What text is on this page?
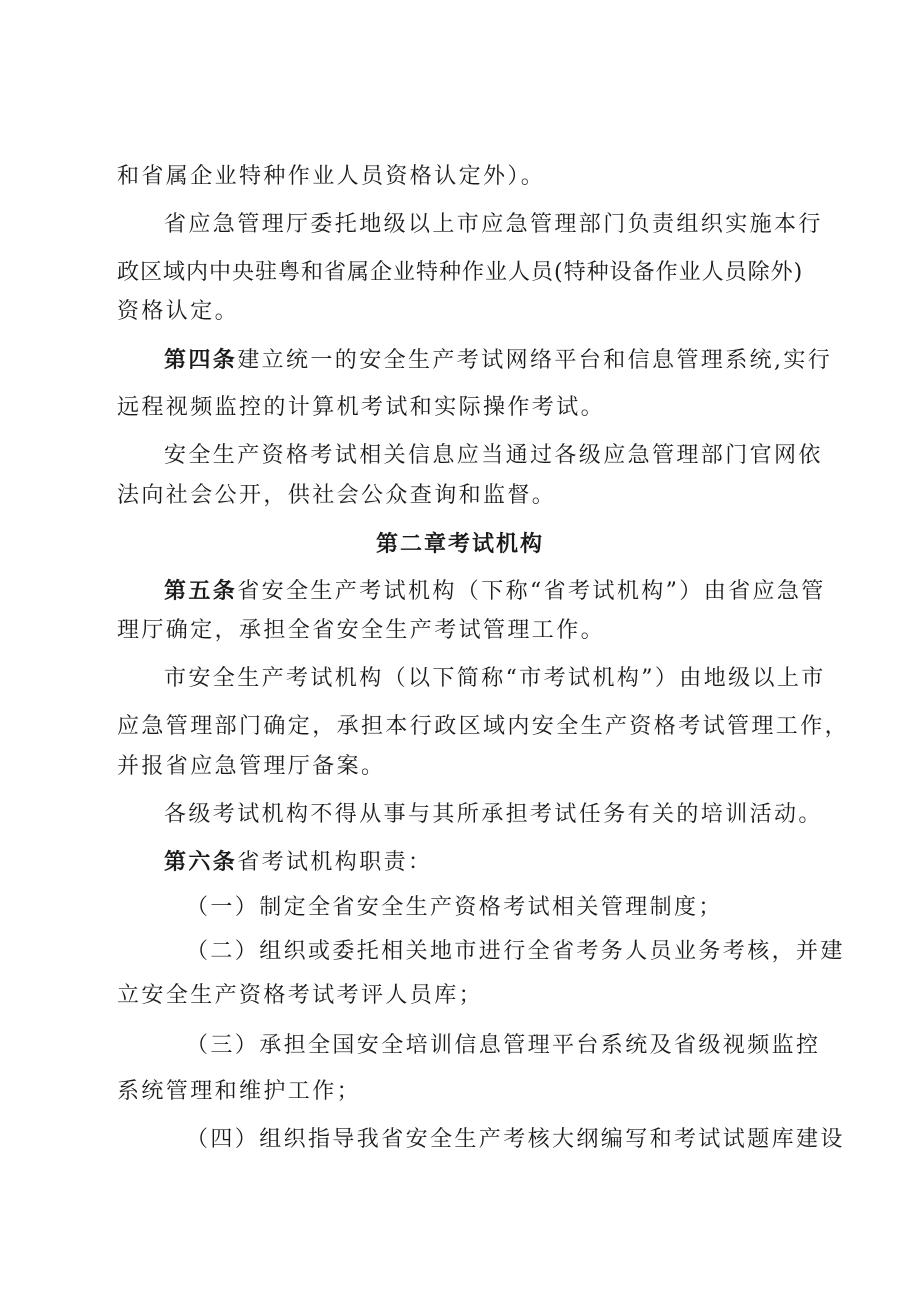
和省属企业特种作业人员资格认定外）。
省应急管理厅委托地级以上市应急管理部门负责组织实施本行
政区域内中央驻粤和省属企业特种作业人员(特种设备作业人员除外)
资格认定。
第四条建立统一的安全生产考试网络平台和信息管理系统,实行
远程视频监控的计算机考试和实际操作考试。
安全生产资格考试相关信息应当通过各级应急管理部门官网依
法向社会公开，供社会公众查询和监督。
第二章考试机构
第五条省安全生产考试机构（下称“省考试机构”）由省应急管
理厅确定，承担全省安全生产考试管理工作。
市安全生产考试机构（以下简称“市考试机构”）由地级以上市
应急管理部门确定，承担本行政区域内安全生产资格考试管理工作，
并报省应急管理厅备案。
各级考试机构不得从事与其所承担考试任务有关的培训活动。
第六条省考试机构职责：
（一）制定全省安全生产资格考试相关管理制度；
（二）组织或委托相关地市进行全省考务人员业务考核，并建
立安全生产资格考试考评人员库；
（三）承担全国安全培训信息管理平台系统及省级视频监控
系统管理和维护工作；
（四）组织指导我省安全生产考核大纲编写和考试试题库建设
